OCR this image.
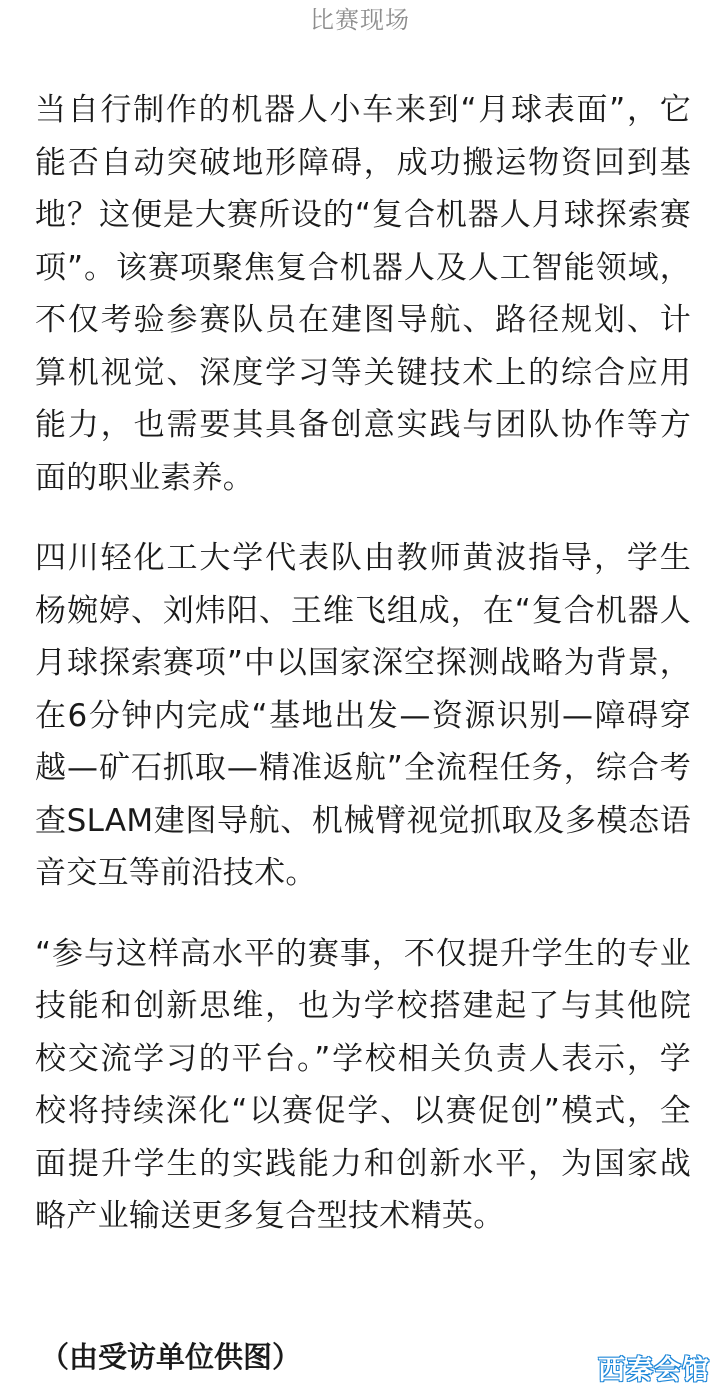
比赛现场

当自行制作的机器人小车来到“月球表面”，它能否自动突破地形障碍，成功搬运物资回到基地？这便是大赛所设的“复合机器人月球探索赛项”。该赛项聚焦复合机器人及人工智能领域，不仅考验参赛队员在建图导航、路径规划、计算机视觉、深度学习等关键技术上的综合应用能力，也需要其具备创意实践与团队协作等方面的职业素养。

四川轻化工大学代表队由教师黄波指导，学生杨婉婷、刘炜阳、王维飞组成，在“复合机器人月球探索赛项”中以国家深空探测战略为背景，在6分钟内完成“基地出发—资源识别—障碍穿越—矿石抓取—精准返航”全流程任务，综合考查SLAM建图导航、机械臂视觉抓取及多模态语音交互等前沿技术。

“参与这样高水平的赛事，不仅提升学生的专业技能和创新思维，也为学校搭建起了与其他院校交流学习的平台。”学校相关负责人表示，学校将持续深化“以赛促学、以赛促创”模式，全面提升学生的实践能力和创新水平，为国家战略产业输送更多复合型技术精英。

（由受访单位供图）	西秦会馆
